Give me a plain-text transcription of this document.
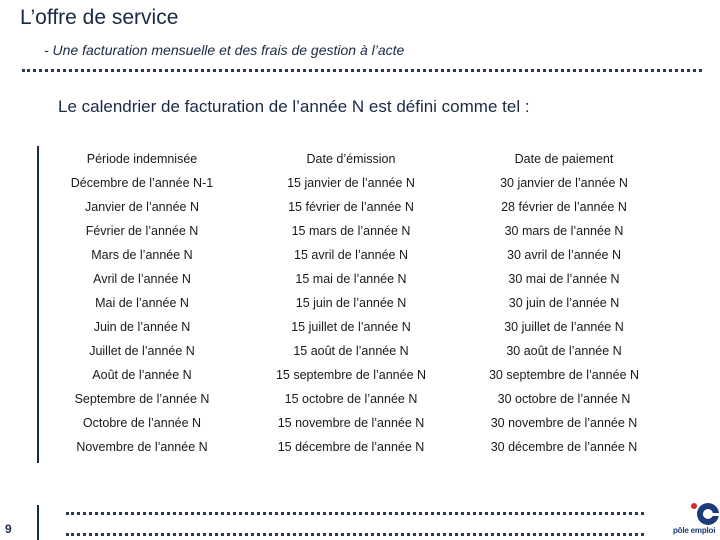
L’offre de service
- Une facturation mensuelle et des frais de gestion à l’acte
Le calendrier de facturation de l’année N est défini comme tel :
Période indemnisée	Date d’émission	Date de paiement
Décembre de l’année N-1	15 janvier de l’année N	30 janvier de l’année N
Janvier de l’année N	15 février de l’année N	28 février de l’année N
Février de l’année N	15 mars de l’année N	30 mars de l’année N
Mars de l’année N	15 avril de l’année N	30 avril de l’année N
Avril de l’année N	15 mai de l’année N	30 mai de l’année N
Mai de l’année N	15 juin de l’année N	30 juin de l’année N
Juin de l’année N	15 juillet de l’année N	30 juillet de l’année N
Juillet de l’année N	15 août de l’année N	30 août de l’année N
Août de l’année N	15 septembre de l’année N	30 septembre de l’année N
Septembre de l’année N	15 octobre de l’année N	30 octobre de l’année N
Octobre de l’année N	15 novembre de l’année N	30 novembre de l’année N
Novembre de l’année N	15 décembre de l’année N	30 décembre de l’année N
9	pôle emploi
